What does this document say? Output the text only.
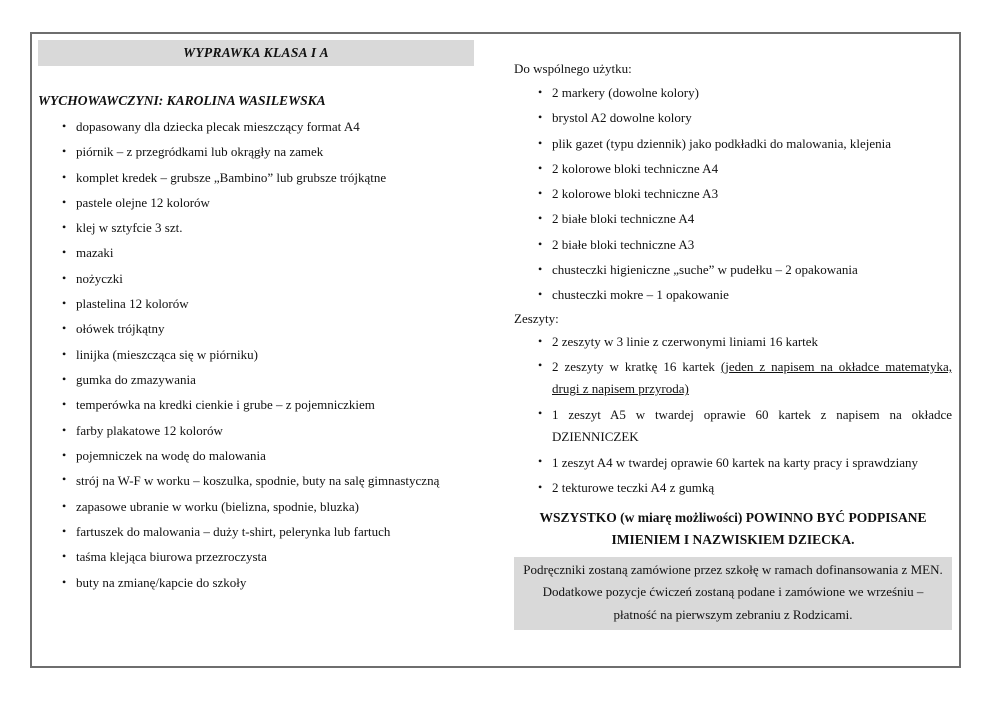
WYPRAWKA KLASA I A
WYCHOWAWCZYNI: KAROLINA WASILEWSKA
• dopasowany dla dziecka plecak mieszczący format A4
• piórnik – z przegródkami lub okrągły na zamek
• komplet kredek – grubsze „Bambino” lub grubsze trójkątne
• pastele olejne 12 kolorów
• klej w sztyfcie 3 szt.
• mazaki
• nożyczki
• plastelina 12 kolorów
• ołówek trójkątny
• linijka (mieszcząca się w piórniku)
• gumka do zmazywania
• temperówka na kredki cienkie i grube – z pojemniczkiem
• farby plakatowe 12 kolorów
• pojemniczek na wodę do malowania
• strój na W-F w worku – koszulka, spodnie, buty na salę gimnastyczną
• zapasowe ubranie w worku (bielizna, spodnie, bluzka)
• fartuszek do malowania – duży t-shirt, pelerynka lub fartuch
• taśma klejąca biurowa przezroczysta
• buty na zmianę/kapcie do szkoły
Do wspólnego użytku:
• 2 markery (dowolne kolory)
• brystol A2 dowolne kolory
• plik gazet (typu dziennik) jako podkładki do malowania, klejenia
• 2 kolorowe bloki techniczne A4
• 2 kolorowe bloki techniczne A3
• 2 białe bloki techniczne A4
• 2 białe bloki techniczne A3
• chusteczki higieniczne „suche” w pudełku – 2 opakowania
• chusteczki mokre – 1 opakowanie
Zeszyty:
• 2 zeszyty w 3 linie z czerwonymi liniami 16 kartek
• 2 zeszyty w kratkę 16 kartek (jeden z napisem na okładce matematyka, drugi z napisem przyroda)
• 1 zeszyt A5 w twardej oprawie 60 kartek z napisem na okładce DZIENNICZEK
• 1 zeszyt A4 w twardej oprawie 60 kartek na karty pracy i sprawdziany
• 2 tekturowe teczki A4 z gumką
WSZYSTKO (w miarę możliwości) POWINNO BYĆ PODPISANE IMIENIEM I NAZWISKIEM DZIECKA.
Podręczniki zostaną zamówione przez szkołę w ramach dofinansowania z MEN. Dodatkowe pozycje ćwiczeń zostaną podane i zamówione we wrześniu – płatność na pierwszym zebraniu z Rodzicami.
